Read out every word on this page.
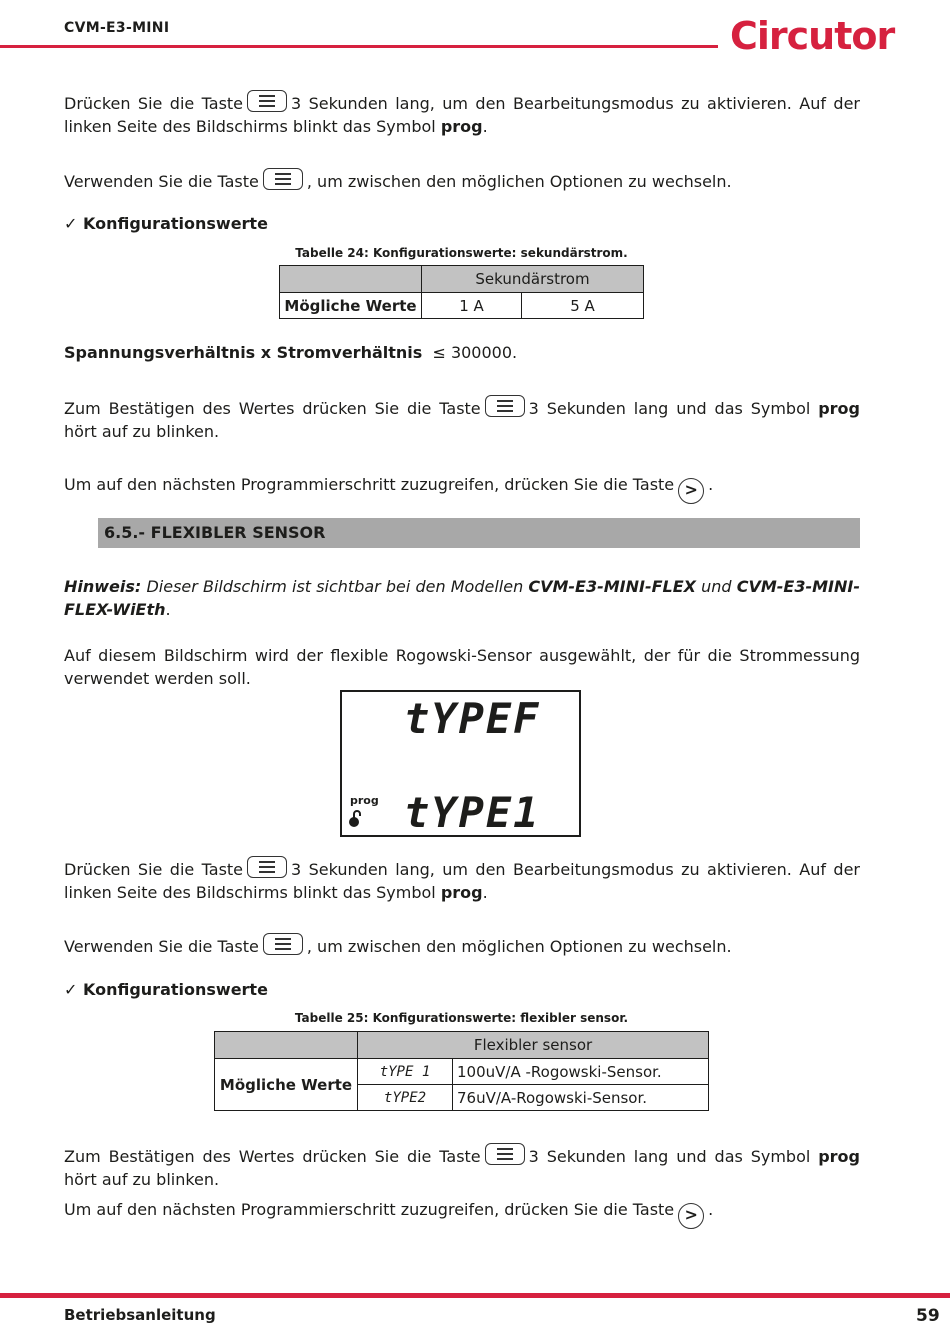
CVM-E3-MINI	Circutor
Drücken Sie die Taste	3 Sekunden lang, um den Bearbeitungsmodus zu aktivieren. Auf der linken Seite des Bildschirms blinkt das Symbol prog.
Verwenden Sie die Taste	, um zwischen den möglichen Optionen zu wechseln.
✓ Konfigurationswerte
Tabelle 24: Konfigurationswerte: sekundärstrom.
	Sekundärstrom	
Mögliche Werte	1 A	5 A
Spannungsverhältnis x Stromverhältnis ≤ 300000.
Zum Bestätigen des Wertes drücken Sie die Taste	3 Sekunden lang und das Symbol prog hört auf zu blinken.
Um auf den nächsten Programmierschritt zuzugreifen, drücken Sie die Taste > .
6.5.- FLEXIBLER SENSOR
Hinweis: Dieser Bildschirm ist sichtbar bei den Modellen CVM-E3-MINI-FLEX und CVM-E3-MINI-FLEX-WiEth.
Auf diesem Bildschirm wird der flexible Rogowski-Sensor ausgewählt, der für die Strommessung verwendet werden soll.
tYPEF
prog tYPE1
Drücken Sie die Taste	3 Sekunden lang, um den Bearbeitungsmodus zu aktivieren. Auf der linken Seite des Bildschirms blinkt das Symbol prog.
Verwenden Sie die Taste	, um zwischen den möglichen Optionen zu wechseln.
✓ Konfigurationswerte
Tabelle 25: Konfigurationswerte: flexibler sensor.
	Flexibler sensor	
Mögliche Werte	tYPE 1	100uV/A -Rogowski-Sensor.
	tYPE2	76uV/A-Rogowski-Sensor.
Zum Bestätigen des Wertes drücken Sie die Taste	3 Sekunden lang und das Symbol prog hört auf zu blinken.
Um auf den nächsten Programmierschritt zuzugreifen, drücken Sie die Taste > .
Betriebsanleitung	59
